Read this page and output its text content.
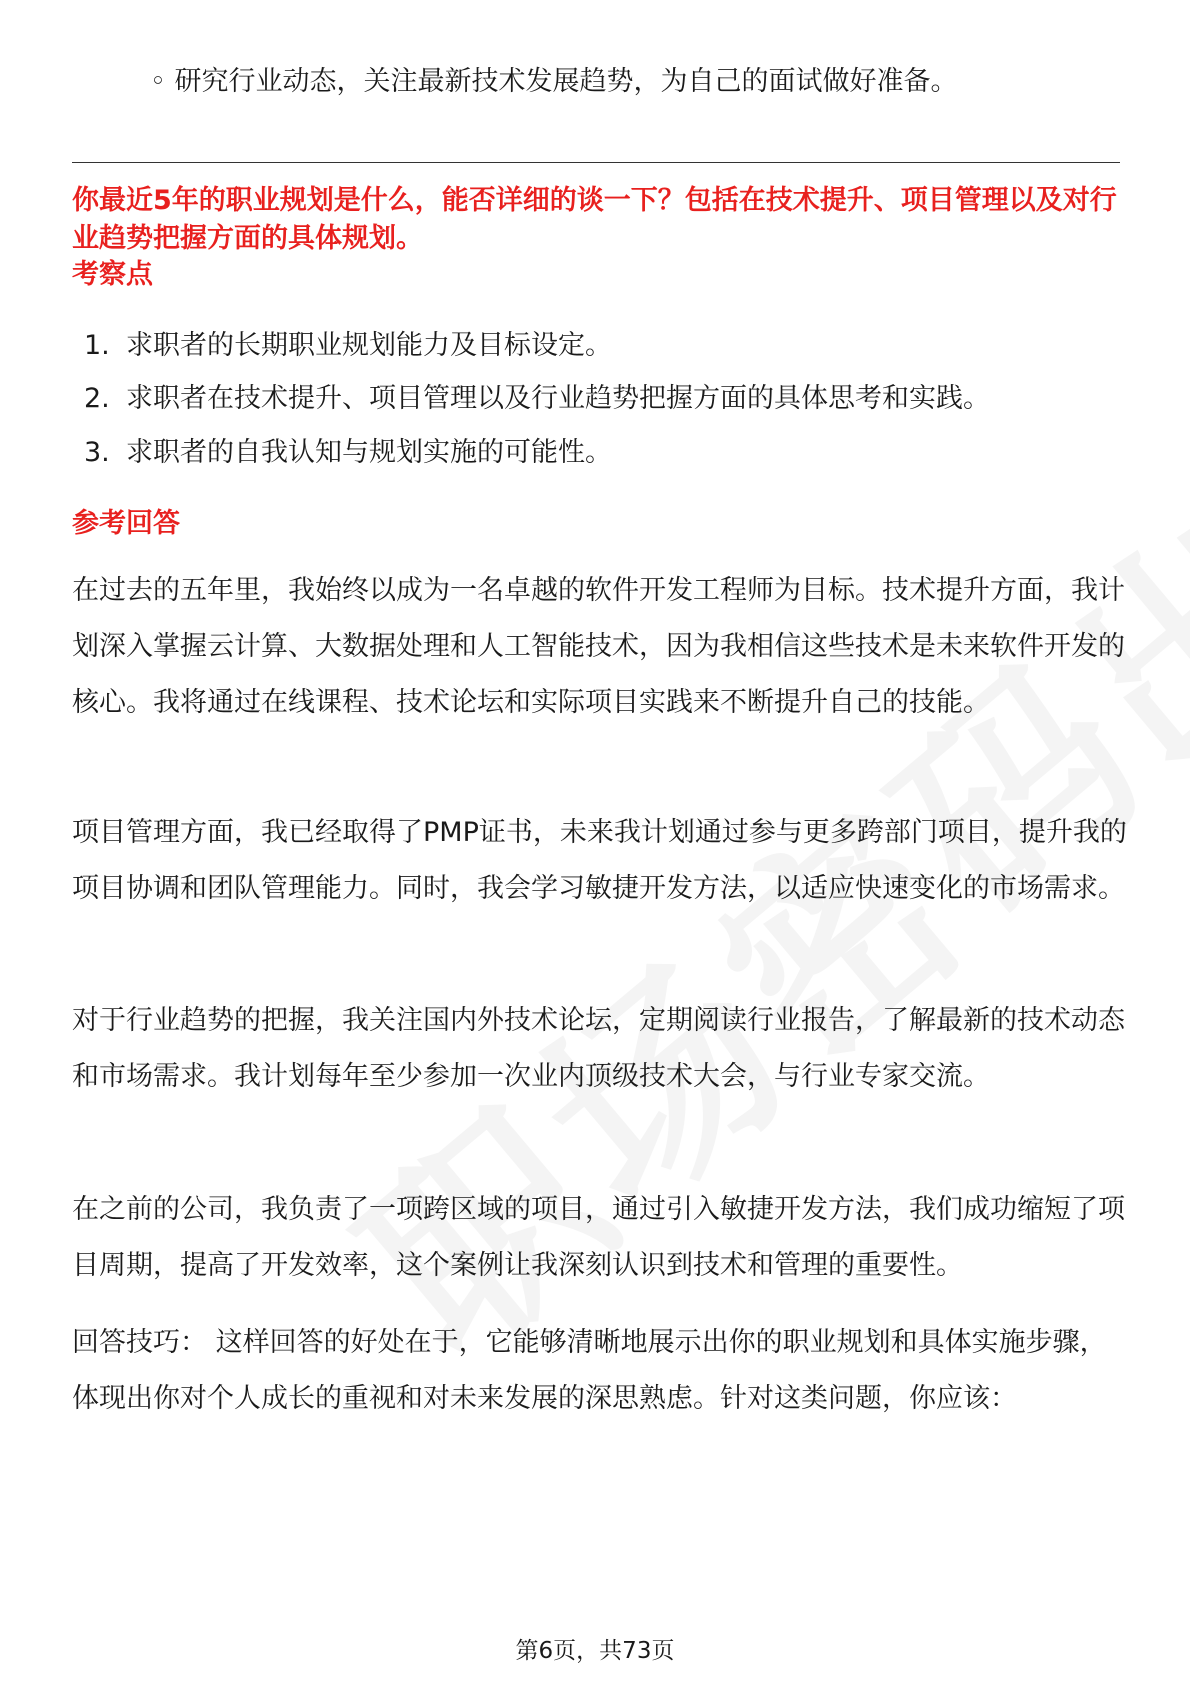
◦ 研究行业动态，关注最新技术发展趋势，为自己的面试做好准备。
你最近5年的职业规划是什么，能否详细的谈一下？包括在技术提升、项目管理以及对行业趋势把握方面的具体规划。
考察点
1. 求职者的长期职业规划能力及目标设定。
2. 求职者在技术提升、项目管理以及行业趋势把握方面的具体思考和实践。
3. 求职者的自我认知与规划实施的可能性。
参考回答
在过去的五年里，我始终以成为一名卓越的软件开发工程师为目标。技术提升方面，我计划深入掌握云计算、大数据处理和人工智能技术，因为我相信这些技术是未来软件开发的核心。我将通过在线课程、技术论坛和实际项目实践来不断提升自己的技能。
项目管理方面，我已经取得了PMP证书，未来我计划通过参与更多跨部门项目，提升我的项目协调和团队管理能力。同时，我会学习敏捷开发方法，以适应快速变化的市场需求。
对于行业趋势的把握，我关注国内外技术论坛，定期阅读行业报告，了解最新的技术动态和市场需求。我计划每年至少参加一次业内顶级技术大会，与行业专家交流。
在之前的公司，我负责了一项跨区域的项目，通过引入敏捷开发方法，我们成功缩短了项目周期，提高了开发效率，这个案例让我深刻认识到技术和管理的重要性。
回答技巧： 这样回答的好处在于，它能够清晰地展示出你的职业规划和具体实施步骤，体现出你对个人成长的重视和对未来发展的深思熟虑。针对这类问题，你应该：
第6页，共73页
